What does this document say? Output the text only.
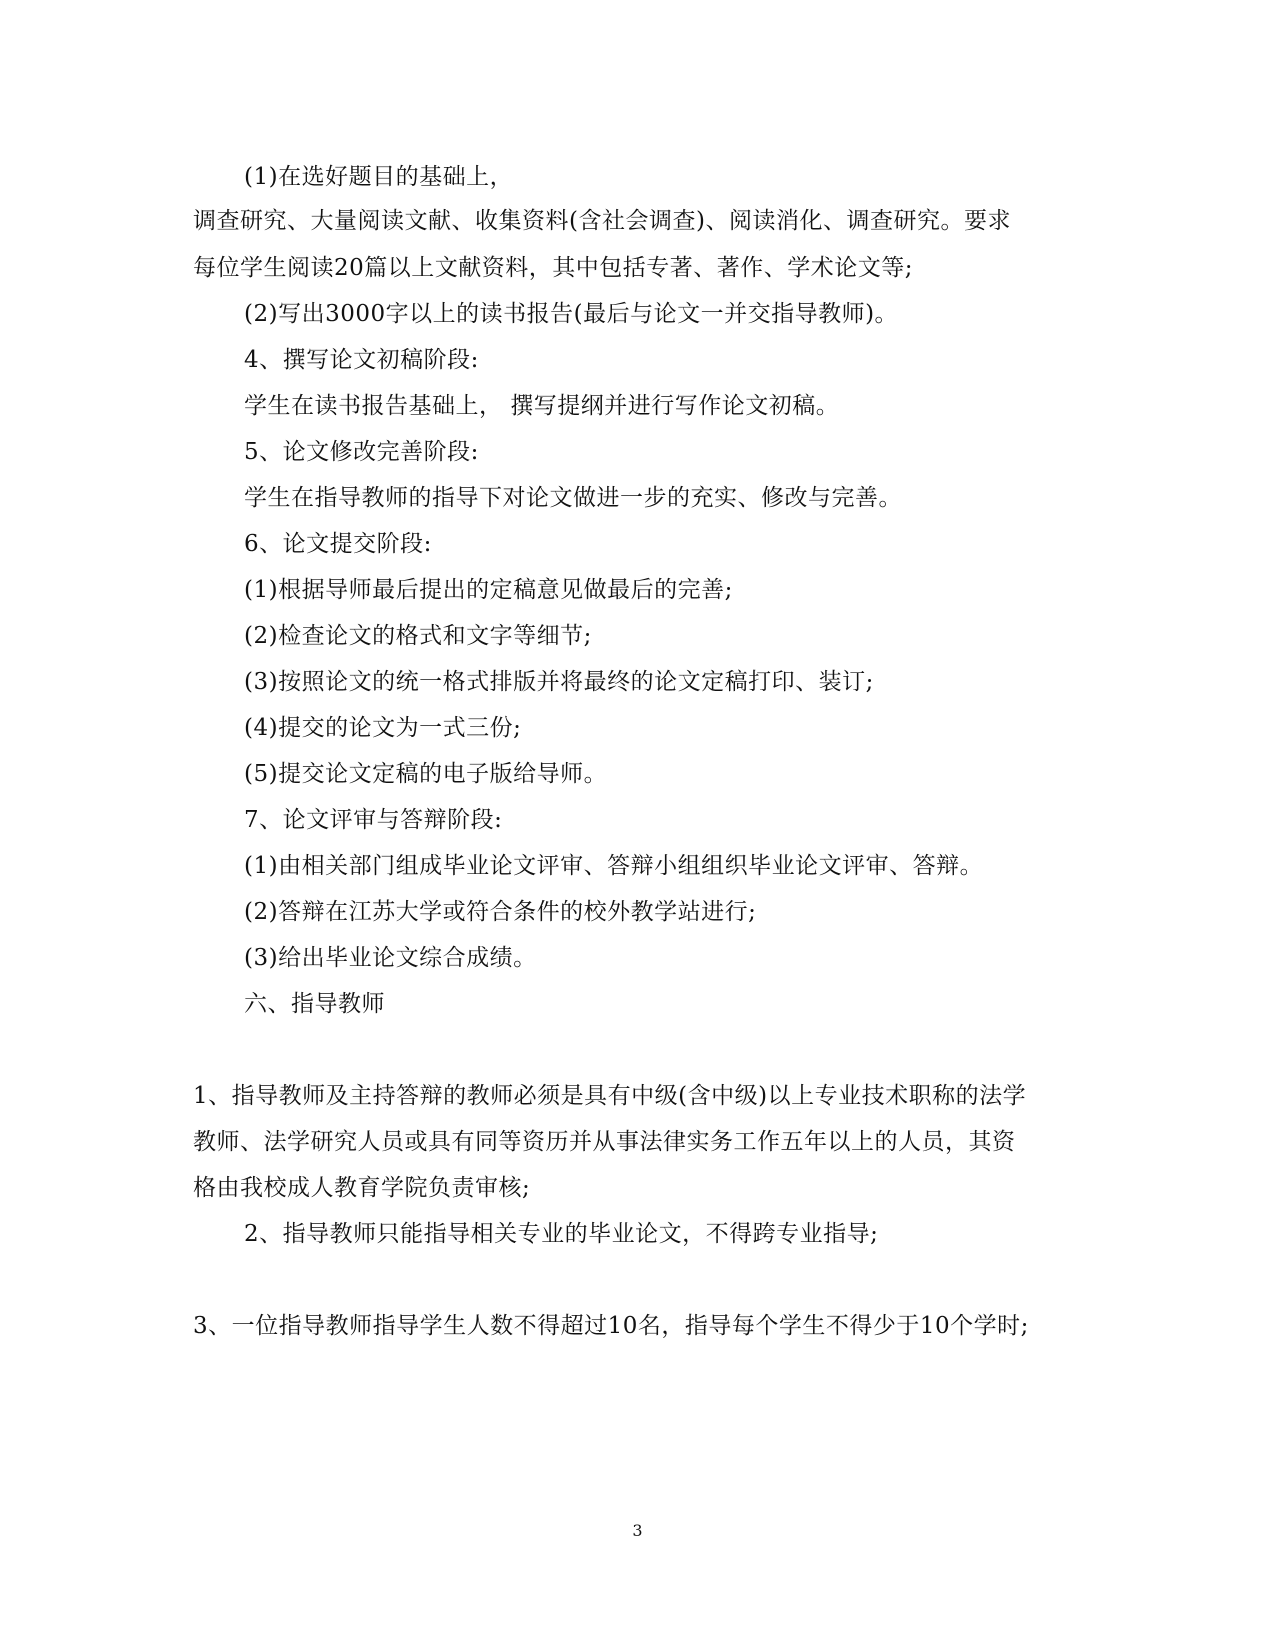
(1)在选好题目的基础上，
调查研究、大量阅读文献、收集资料(含社会调查)、阅读消化、调查研究。要求
每位学生阅读20篇以上文献资料，其中包括专著、著作、学术论文等;
(2)写出3000字以上的读书报告(最后与论文一并交指导教师)。
4、撰写论文初稿阶段:
学生在读书报告基础上， 撰写提纲并进行写作论文初稿。
5、论文修改完善阶段:
学生在指导教师的指导下对论文做进一步的充实、修改与完善。
6、论文提交阶段:
(1)根据导师最后提出的定稿意见做最后的完善;
(2)检查论文的格式和文字等细节;
(3)按照论文的统一格式排版并将最终的论文定稿打印、装订;
(4)提交的论文为一式三份;
(5)提交论文定稿的电子版给导师。
7、论文评审与答辩阶段:
(1)由相关部门组成毕业论文评审、答辩小组组织毕业论文评审、答辩。
(2)答辩在江苏大学或符合条件的校外教学站进行;
(3)给出毕业论文综合成绩。
六、指导教师
1、指导教师及主持答辩的教师必须是具有中级(含中级)以上专业技术职称的法学
教师、法学研究人员或具有同等资历并从事法律实务工作五年以上的人员，其资
格由我校成人教育学院负责审核;
2、指导教师只能指导相关专业的毕业论文，不得跨专业指导;
3、一位指导教师指导学生人数不得超过10名，指导每个学生不得少于10个学时;
3
